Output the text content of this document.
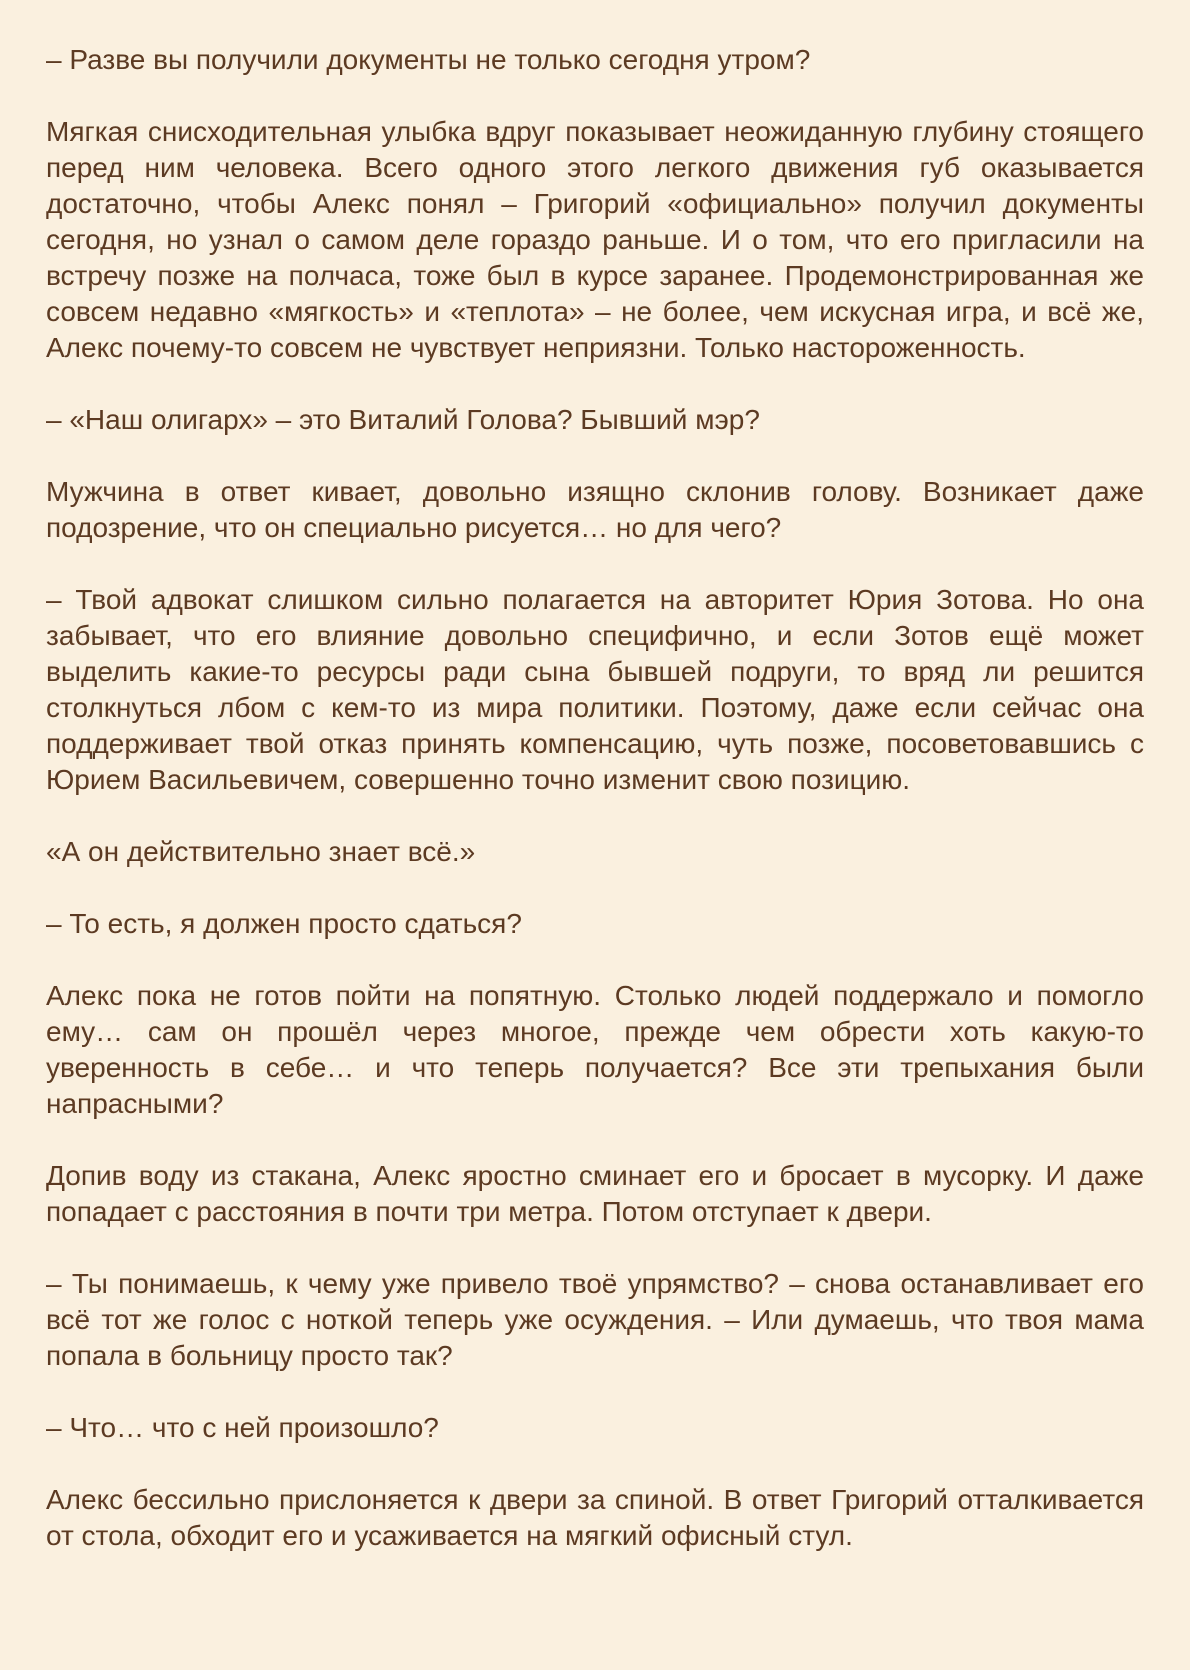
– Разве вы получили документы не только сегодня утром?

Мягкая снисходительная улыбка вдруг показывает неожиданную глубину стоящего перед ним человека. Всего одного этого легкого движения губ оказывается достаточно, чтобы Алекс понял – Григорий «официально» получил документы сегодня, но узнал о самом деле гораздо раньше. И о том, что его пригласили на встречу позже на полчаса, тоже был в курсе заранее. Продемонстрированная же совсем недавно «мягкость» и «теплота» – не более, чем искусная игра, и всё же, Алекс почему-то совсем не чувствует неприязни. Только настороженность.

– «Наш олигарх» – это Виталий Голова? Бывший мэр?

Мужчина в ответ кивает, довольно изящно склонив голову. Возникает даже подозрение, что он специально рисуется… но для чего?

– Твой адвокат слишком сильно полагается на авторитет Юрия Зотова. Но она забывает, что его влияние довольно специфично, и если Зотов ещё может выделить какие-то ресурсы ради сына бывшей подруги, то вряд ли решится столкнуться лбом с кем-то из мира политики. Поэтому, даже если сейчас она поддерживает твой отказ принять компенсацию, чуть позже, посоветовавшись с Юрием Васильевичем, совершенно точно изменит свою позицию.

«А он действительно знает всё.»

– То есть, я должен просто сдаться?

Алекс пока не готов пойти на попятную. Столько людей поддержало и помогло ему… сам он прошёл через многое, прежде чем обрести хоть какую-то уверенность в себе… и что теперь получается? Все эти трепыхания были напрасными?

Допив воду из стакана, Алекс яростно сминает его и бросает в мусорку. И даже попадает с расстояния в почти три метра. Потом отступает к двери.

– Ты понимаешь, к чему уже привело твоё упрямство? – снова останавливает его всё тот же голос с ноткой теперь уже осуждения. – Или думаешь, что твоя мама попала в больницу просто так?

– Что… что с ней произошло?

Алекс бессильно прислоняется к двери за спиной. В ответ Григорий отталкивается от стола, обходит его и усаживается на мягкий офисный стул.
